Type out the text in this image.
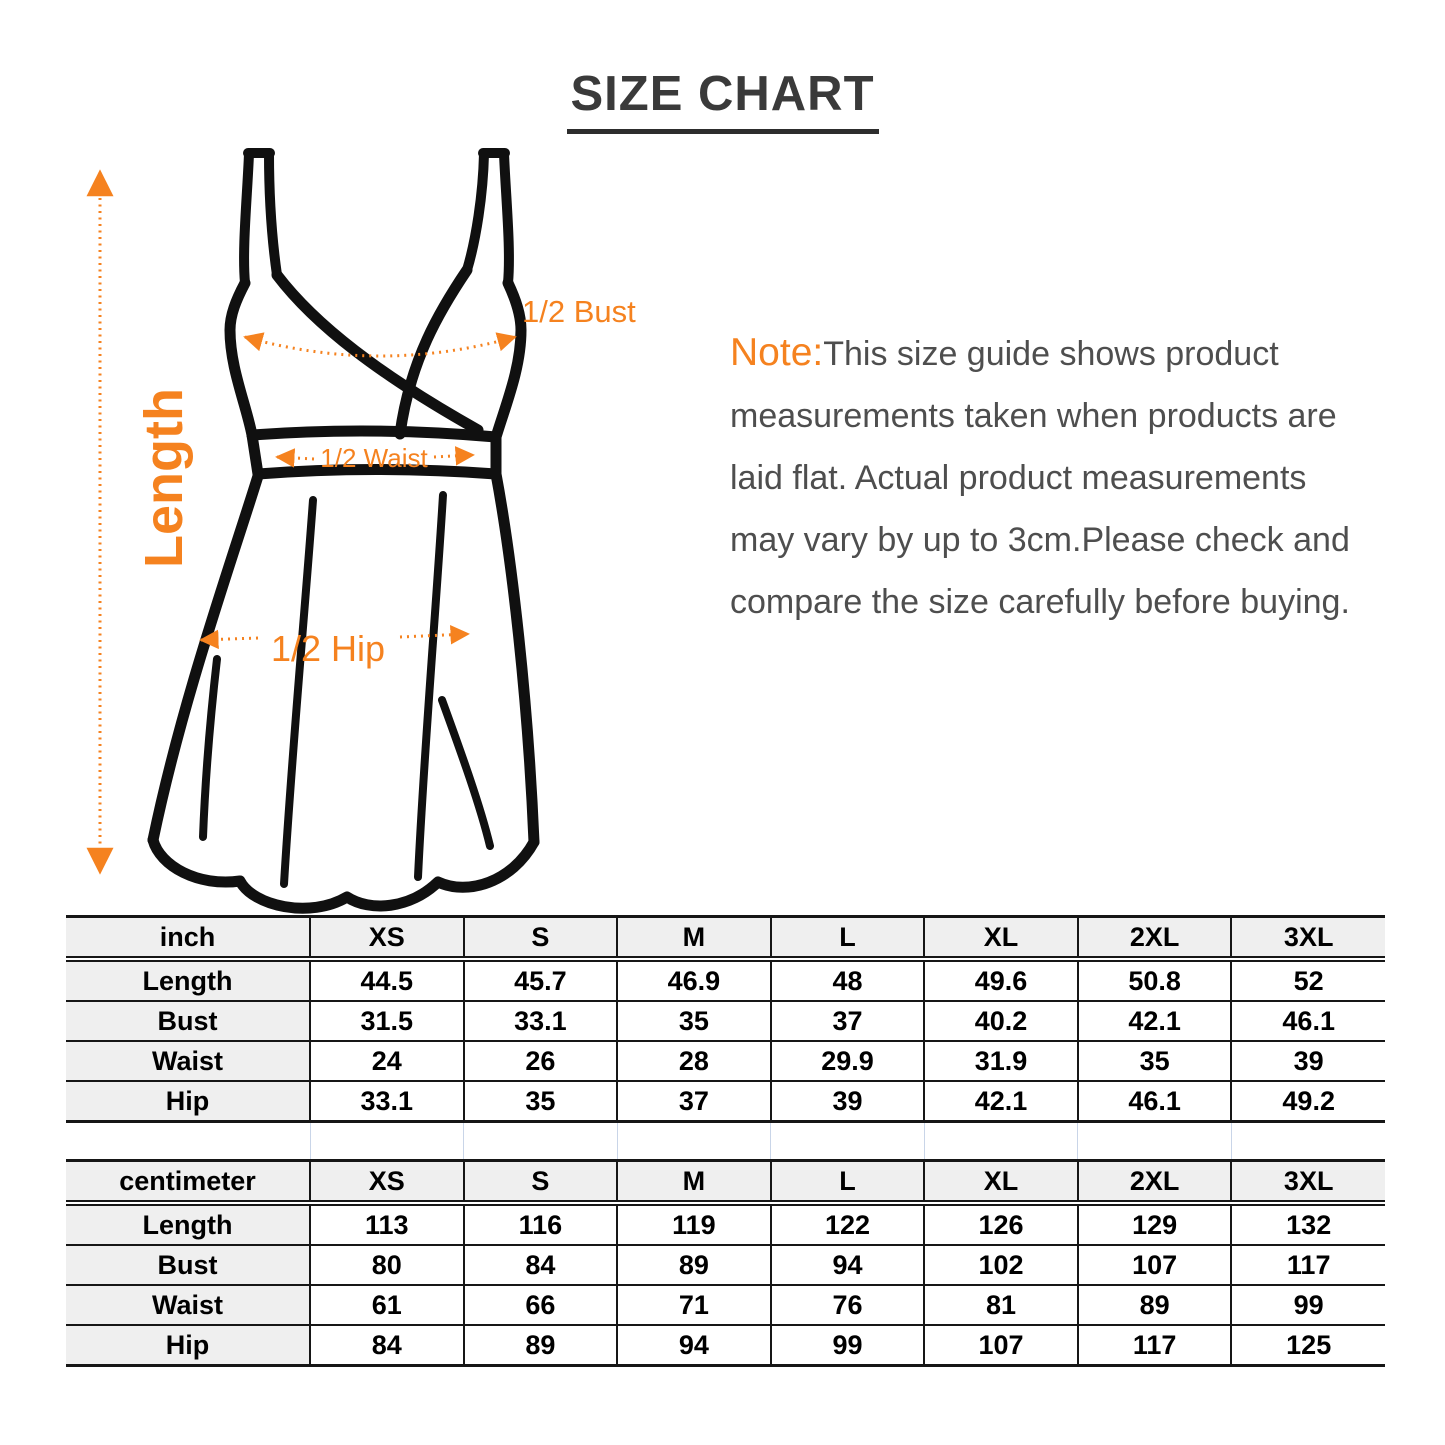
SIZE CHART
Length
1/2 Bust
1/2 Waist
1/2 Hip
Note:This size guide shows product
measurements taken when products are
laid flat. Actual product measurements
may vary by up to 3cm.Please check and
compare the size carefully before buying.
inch	XS	S	M	L	XL	2XL	3XL
Length	44.5	45.7	46.9	48	49.6	50.8	52
Bust	31.5	33.1	35	37	40.2	42.1	46.1
Waist	24	26	28	29.9	31.9	35	39
Hip	33.1	35	37	39	42.1	46.1	49.2

centimeter	XS	S	M	L	XL	2XL	3XL
Length	113	116	119	122	126	129	132
Bust	80	84	89	94	102	107	117
Waist	61	66	71	76	81	89	99
Hip	84	89	94	99	107	117	125
